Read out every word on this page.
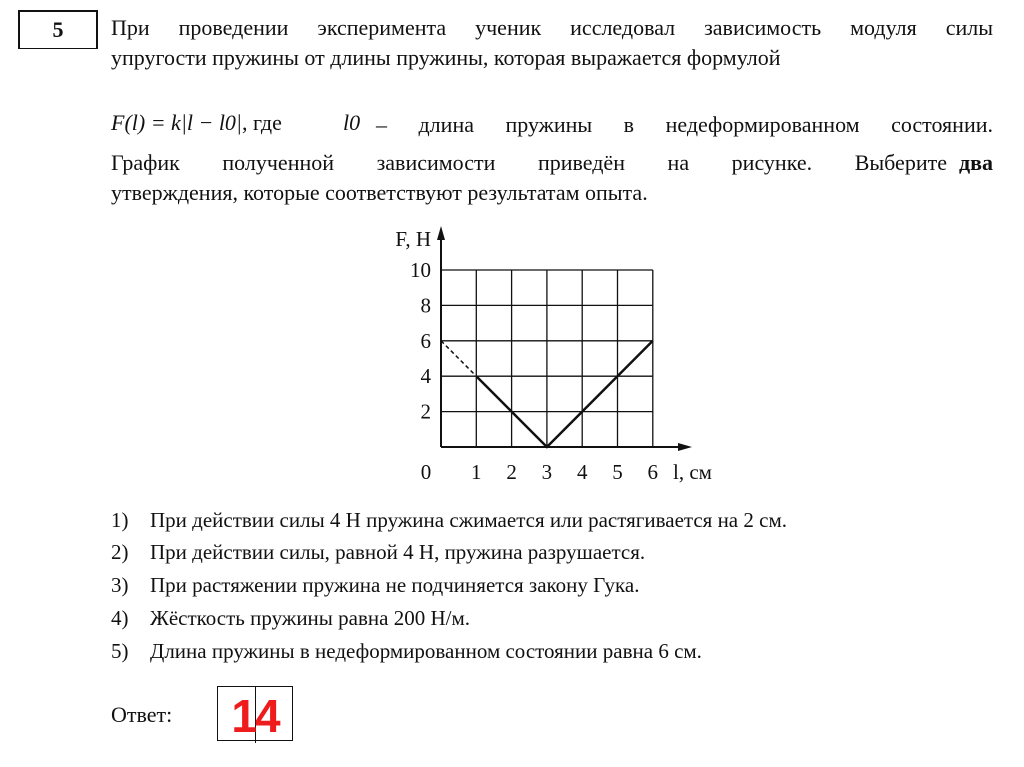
5	При проведении эксперимента ученик исследовал зависимость модуля силы
упругости пружины от длины пружины, которая выражается формулой
F(l) = k|l − l0|, где	l0 – длина пружины в недеформированном состоянии.
График полученной зависимости приведён на рисунке. Выберите два
утверждения, которые соответствуют результатам опыта.
0 1 2 3 4 5 6
2
4
6
8
10
F, Н
l, см
1) При действии силы 4 Н пружина сжимается или растягивается на 2 см.
2) При действии силы, равной 4 Н, пружина разрушается.
3) При растяжении пружина не подчиняется закону Гука.
4) Жёсткость пружины равна 200 Н/м.
5) Длина пружины в недеформированном состоянии равна 6 см.
Ответ: 14
